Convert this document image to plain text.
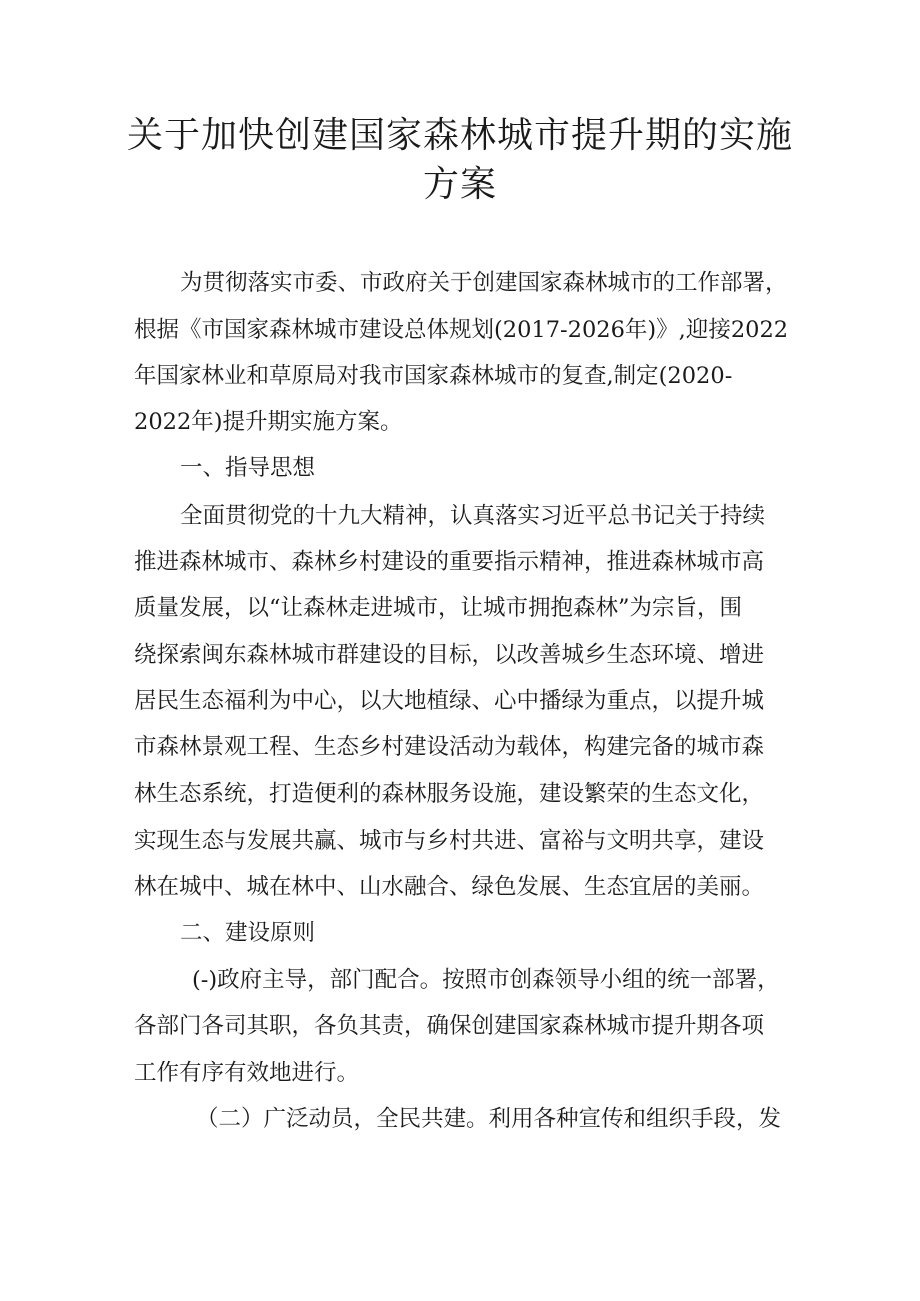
关于加快创建国家森林城市提升期的实施
方案

为贯彻落实市委、市政府关于创建国家森林城市的工作部署，

根据《市国家森林城市建设总体规划(2017-2026年)》,迎接2022

年国家林业和草原局对我市国家森林城市的复查,制定(2020-

2022年)提升期实施方案。

一、指导思想

全面贯彻党的十九大精神，认真落实习近平总书记关于持续

推进森林城市、森林乡村建设的重要指示精神，推进森林城市高

质量发展，以“让森林走进城市，让城市拥抱森林”为宗旨，围

绕探索闽东森林城市群建设的目标，以改善城乡生态环境、增进

居民生态福利为中心，以大地植绿、心中播绿为重点，以提升城

市森林景观工程、生态乡村建设活动为载体，构建完备的城市森

林生态系统，打造便利的森林服务设施，建设繁荣的生态文化，

实现生态与发展共赢、城市与乡村共进、富裕与文明共享，建设

林在城中、城在林中、山水融合、绿色发展、生态宜居的美丽。

二、建设原则

(-)政府主导，部门配合。按照市创森领导小组的统一部署，

各部门各司其职，各负其责，确保创建国家森林城市提升期各项

工作有序有效地进行。

（二）广泛动员，全民共建。利用各种宣传和组织手段，发
